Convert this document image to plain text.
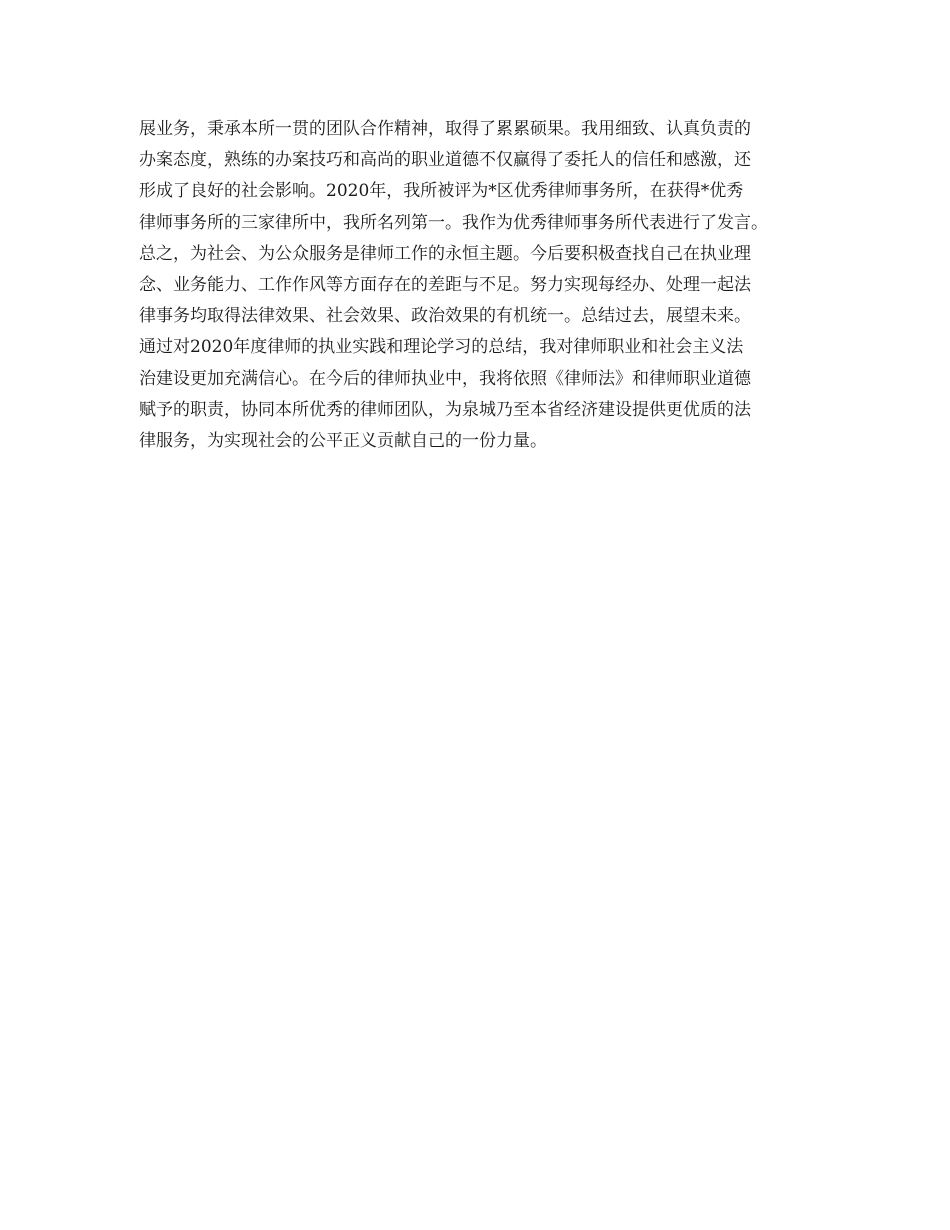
展业务，秉承本所一贯的团队合作精神，取得了累累硕果。我用细致、认真负责的

办案态度，熟练的办案技巧和高尚的职业道德不仅赢得了委托人的信任和感激，还

形成了良好的社会影响。2020年，我所被评为*区优秀律师事务所，在获得*优秀

律师事务所的三家律所中，我所名列第一。我作为优秀律师事务所代表进行了发言。

总之，为社会、为公众服务是律师工作的永恒主题。今后要积极查找自己在执业理

念、业务能力、工作作风等方面存在的差距与不足。努力实现每经办、处理一起法

律事务均取得法律效果、社会效果、政治效果的有机统一。总结过去，展望未来。

通过对2020年度律师的执业实践和理论学习的总结，我对律师职业和社会主义法

治建设更加充满信心。在今后的律师执业中，我将依照《律师法》和律师职业道德

赋予的职责，协同本所优秀的律师团队，为泉城乃至本省经济建设提供更优质的法

律服务，为实现社会的公平正义贡献自己的一份力量。
